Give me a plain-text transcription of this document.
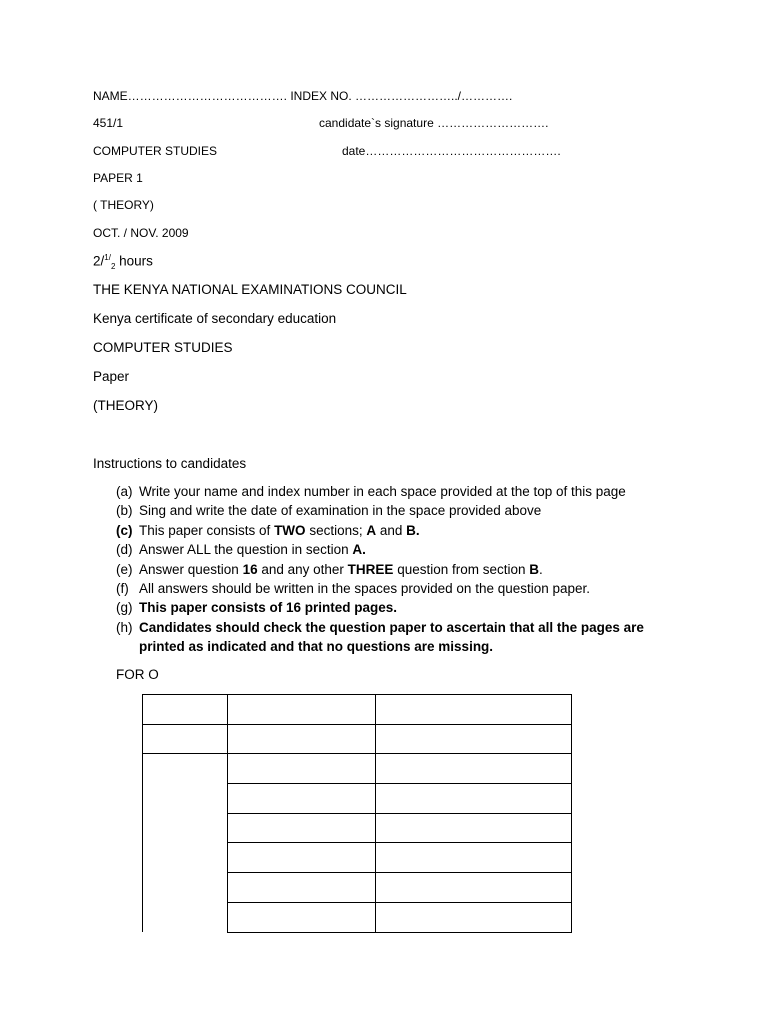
NAME…………………………………. INDEX NO. ……………………../………….
451/1	candidate`s signature ……………………….
COMPUTER STUDIES	date………………………………………….
PAPER 1
( THEORY)
OCT. / NOV. 2009
2/$^{1/}_2$ hours
THE KENYA NATIONAL EXAMINATIONS COUNCIL
Kenya certificate of secondary education
COMPUTER STUDIES
Paper
(THEORY)
Instructions to candidates
(a) Write your name and index number in each space provided at the top of this page
(b) Sing and write the date of examination in the space provided above
(c) This paper consists of TWO sections; A and B.
(d) Answer ALL the question in section A.
(e) Answer question 16 and any other THREE question from section B.
(f) All answers should be written in the spaces provided on the question paper.
(g) This paper consists of 16 printed pages.
(h) Candidates should check the question paper to ascertain that all the pages are printed as indicated and that no questions are missing.
FOR O
